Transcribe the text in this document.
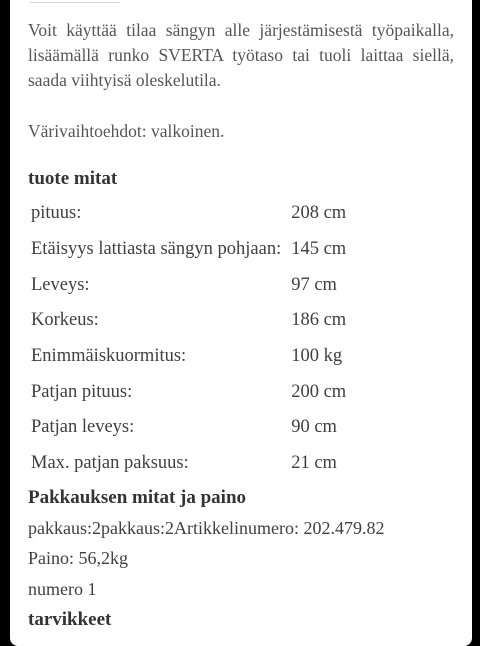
Voit käyttää tilaa sängyn alle järjestämisestä työpaikalla, lisäämällä runko SVERTA työtaso tai tuoli laittaa siellä, saada viihtyisä oleskelutila.

Värivaihtoehdot: valkoinen.

tuote mitat
pituus:	208 cm
Etäisyys lattiasta sängyn pohjaan:	145 cm
Leveys:	97 cm
Korkeus:	186 cm
Enimmäiskuormitus:	100 kg
Patjan pituus:	200 cm
Patjan leveys:	90 cm
Max. patjan paksuus:	21 cm
Pakkauksen mitat ja paino

pakkaus:2pakkaus:2Artikkelinumero: 202.479.82

Paino: 56,2kg

numero 1

tarvikkeet
